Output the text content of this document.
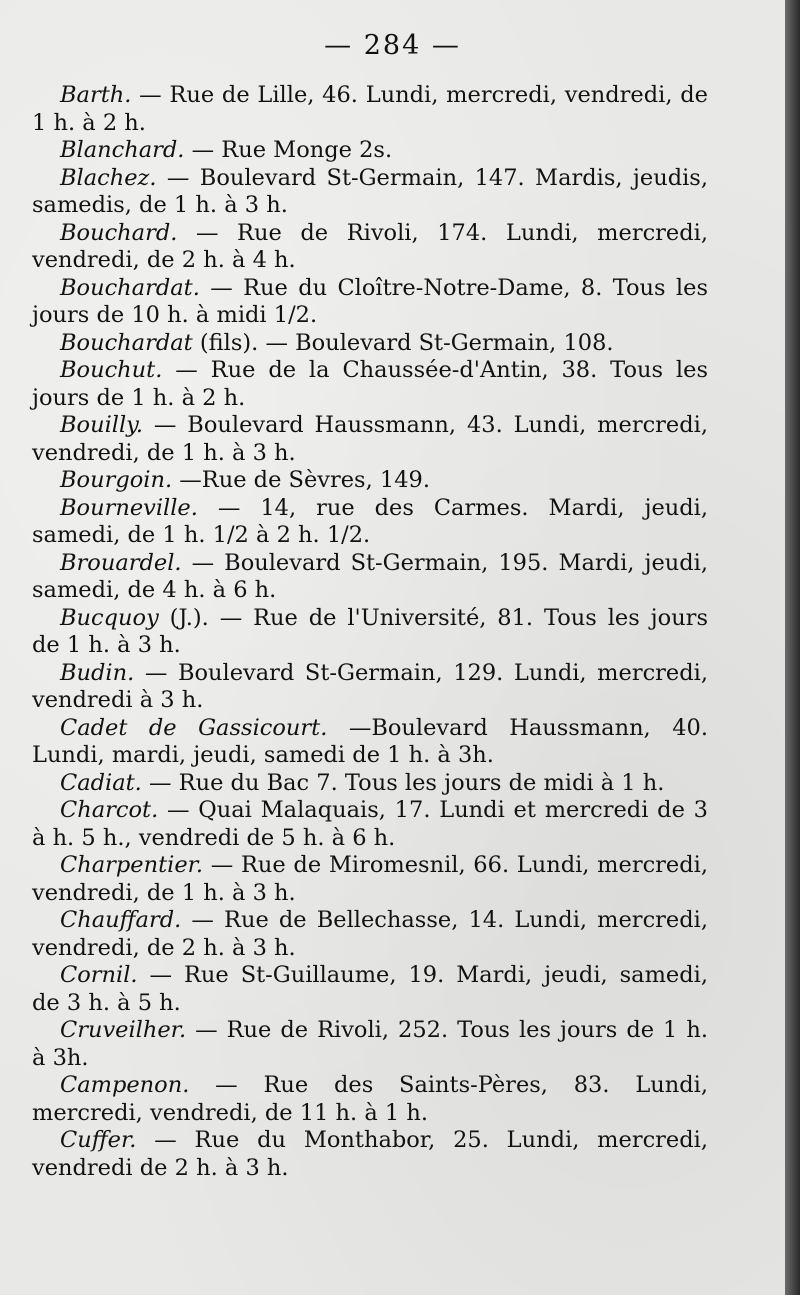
— 284 —

Barth. — Rue de Lille, 46. Lundi, mercredi, vendredi, de 1 h. à 2 h.

Blanchard. — Rue Monge 2s.

Blachez. — Boulevard St-Germain, 147. Mardis, jeudis, samedis, de 1 h. à 3 h.

Bouchard. — Rue de Rivoli, 174. Lundi, mercredi, vendredi, de 2 h. à 4 h.

Bouchardat. — Rue du Cloître-Notre-Dame, 8. Tous les jours de 10 h. à midi 1/2.

Bouchardat (fils). — Boulevard St-Germain, 108.

Bouchut. — Rue de la Chaussée-d'Antin, 38. Tous les jours de 1 h. à 2 h.

Bouilly. — Boulevard Haussmann, 43. Lundi, mercredi, vendredi, de 1 h. à 3 h.

Bourgoin. —Rue de Sèvres, 149.

Bourneville. — 14, rue des Carmes. Mardi, jeudi, samedi, de 1 h. 1/2 à 2 h. 1/2.

Brouardel. — Boulevard St-Germain, 195. Mardi, jeudi, samedi, de 4 h. à 6 h.

Bucquoy (J.). — Rue de l'Université, 81. Tous les jours de 1 h. à 3 h.

Budin. — Boulevard St-Germain, 129. Lundi, mercredi, vendredi à 3 h.

Cadet de Gassicourt. —Boulevard Haussmann, 40. Lundi, mardi, jeudi, samedi de 1 h. à 3h.

Cadiat. — Rue du Bac 7. Tous les jours de midi à 1 h.

Charcot. — Quai Malaquais, 17. Lundi et mercredi de 3 à h. 5 h., vendredi de 5 h. à 6 h.

Charpentier. — Rue de Miromesnil, 66. Lundi, mercredi, vendredi, de 1 h. à 3 h.

Chauffard. — Rue de Bellechasse, 14. Lundi, mercredi, vendredi, de 2 h. à 3 h.

Cornil. — Rue St-Guillaume, 19. Mardi, jeudi, samedi, de 3 h. à 5 h.

Cruveilher. — Rue de Rivoli, 252. Tous les jours de 1 h. à 3h.

Campenon. — Rue des Saints-Pères, 83. Lundi, mercredi, vendredi, de 11 h. à 1 h.

Cuffer. — Rue du Monthabor, 25. Lundi, mercredi, vendredi de 2 h. à 3 h.
